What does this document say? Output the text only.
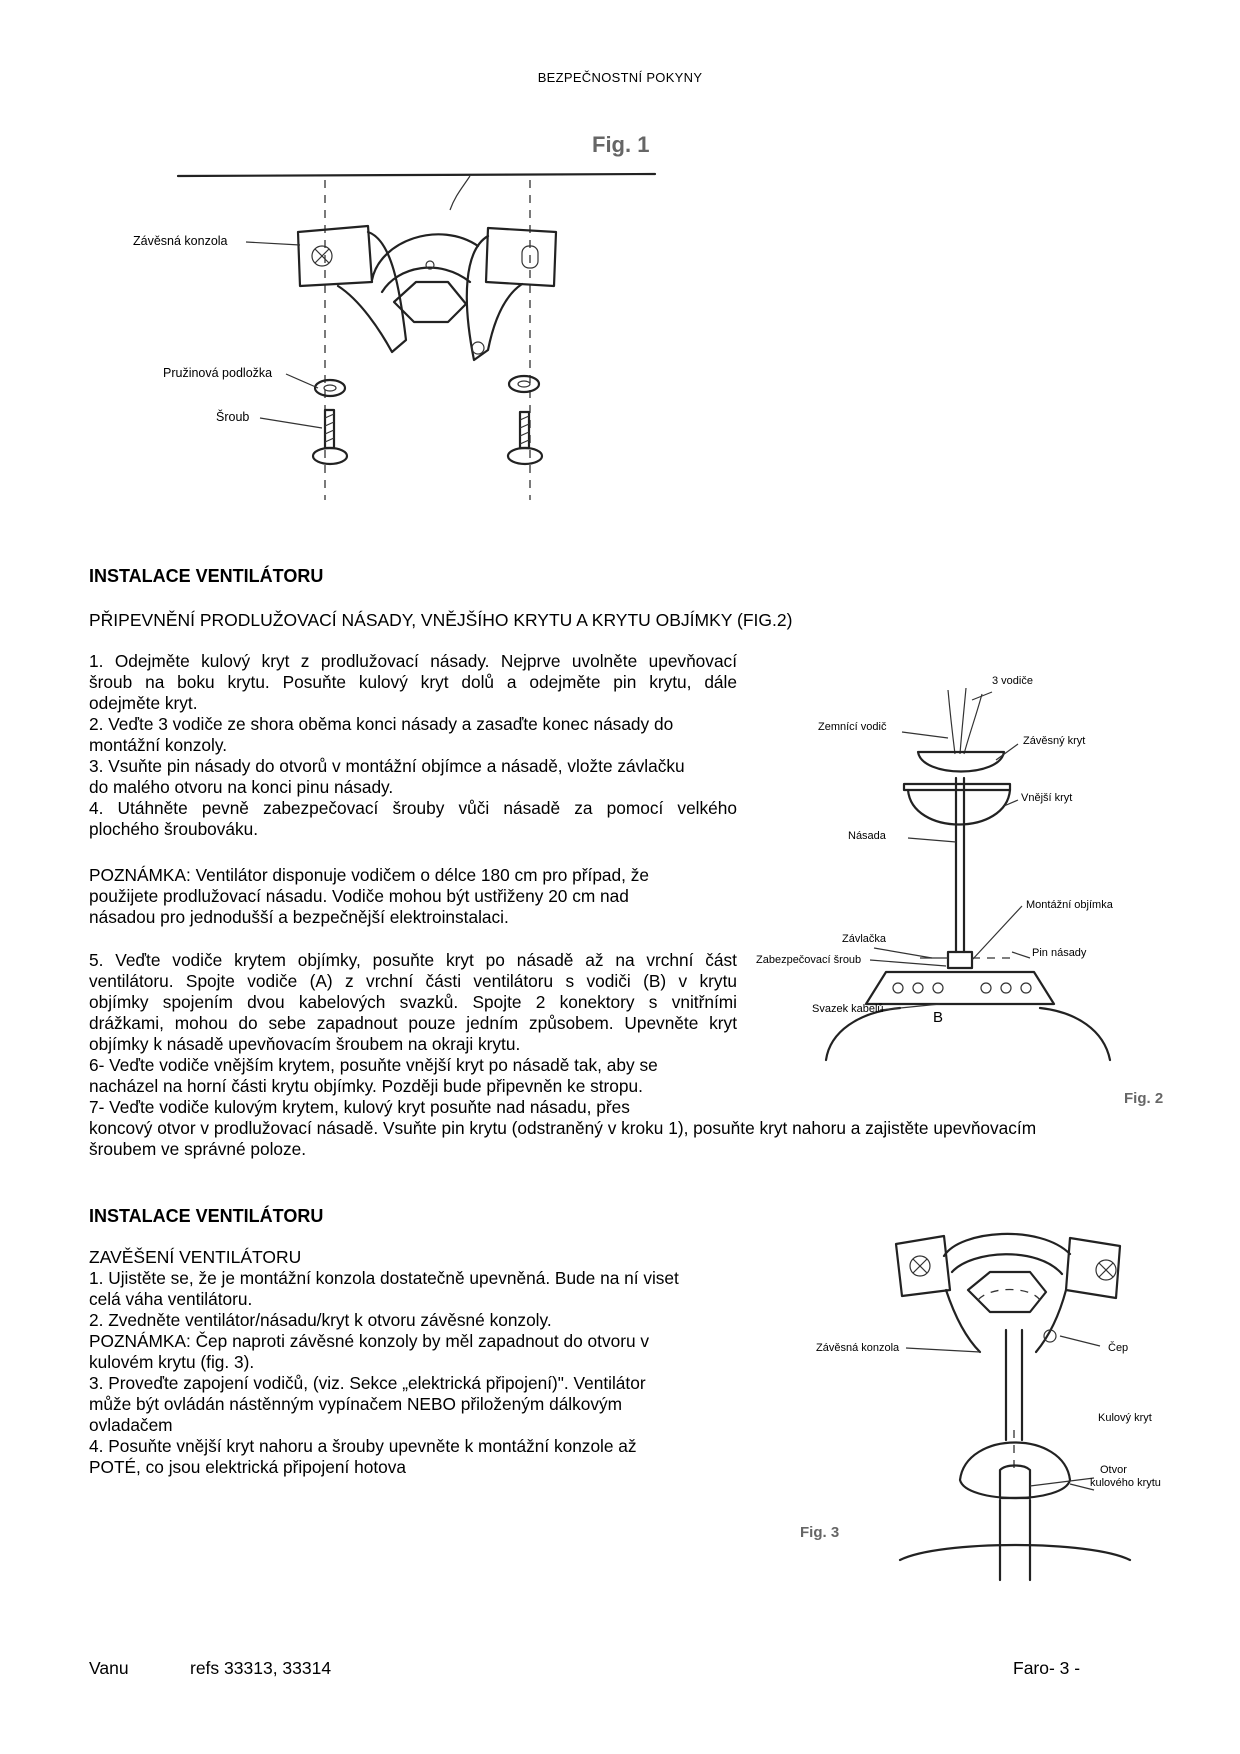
BEZPEČNOSTNÍ POKYNY
Fig. 1
Závěsná konzola
Pružinová podložka
Šroub
INSTALACE VENTILÁTORU
PŘIPEVNĚNÍ PRODLUŽOVACÍ NÁSADY, VNĚJŠÍHO KRYTU A KRYTU OBJÍMKY (FIG.2)
1. Odejměte kulový kryt z prodlužovací násady. Nejprve uvolněte upevňovací
šroub na boku krytu. Posuňte kulový kryt dolů a odejměte pin krytu, dále
odejměte kryt.
2. Veďte 3 vodiče ze shora oběma konci násady a zasaďte konec násady do
montážní konzoly.
3. Vsuňte pin násady do otvorů v montážní objímce a násadě, vložte závlačku
do malého otvoru na konci pinu násady.
4. Utáhněte pevně zabezpečovací šrouby vůči násadě za pomocí velkého
plochého šroubováku.
POZNÁMKA: Ventilátor disponuje vodičem o délce 180 cm pro případ, že
použijete prodlužovací násadu. Vodiče mohou být ustřiženy 20 cm nad
násadou pro jednodušší a bezpečnější elektroinstalaci.
5. Veďte vodiče krytem objímky, posuňte kryt po násadě až na vrchní část
ventilátoru. Spojte vodiče (A) z vrchní části ventilátoru s vodiči (B) v krytu
objímky spojením dvou kabelových svazků. Spojte 2 konektory s vnitřními
drážkami, mohou do sebe zapadnout pouze jedním způsobem. Upevněte kryt
objímky k násadě upevňovacím šroubem na okraji krytu.
6- Veďte vodiče vnějším krytem, posuňte vnější kryt po násadě tak, aby se
nacházel na horní části krytu objímky. Později bude připevněn ke stropu.
7- Veďte vodiče kulovým krytem, kulový kryt posuňte nad násadu, přes
koncový otvor v prodlužovací násadě. Vsuňte pin krytu (odstraněný v kroku 1), posuňte kryt nahoru a zajistěte upevňovacím
šroubem ve správné poloze.
3 vodiče
Zemnící vodič
Závěsný kryt
Vnější kryt
Násada
Montážní objímka
Závlačka
Pin násady
Zabezpečovací šroub
Svazek kabelů	B
Fig. 2
INSTALACE VENTILÁTORU
ZAVĚŠENÍ VENTILÁTORU
1. Ujistěte se, že je montážní konzola dostatečně upevněná. Bude na ní viset
celá váha ventilátoru.
2. Zvedněte ventilátor/násadu/kryt k otvoru závěsné konzoly.
POZNÁMKA: Čep naproti závěsné konzoly by měl zapadnout do otvoru v
kulovém krytu (fig. 3).
3. Proveďte zapojení vodičů, (viz. Sekce „elektrická připojení)". Ventilátor
může být ovládán nástěnným vypínačem NEBO přiloženým dálkovým
ovladačem
4. Posuňte vnější kryt nahoru a šrouby upevněte k montážní konzole až
POTÉ, co jsou elektrická připojení hotova
Závěsná konzola	Čep
Kulový kryt
Otvor
kulového krytu
Fig. 3
Vanu	refs 33313, 33314	Faro- 3 -
